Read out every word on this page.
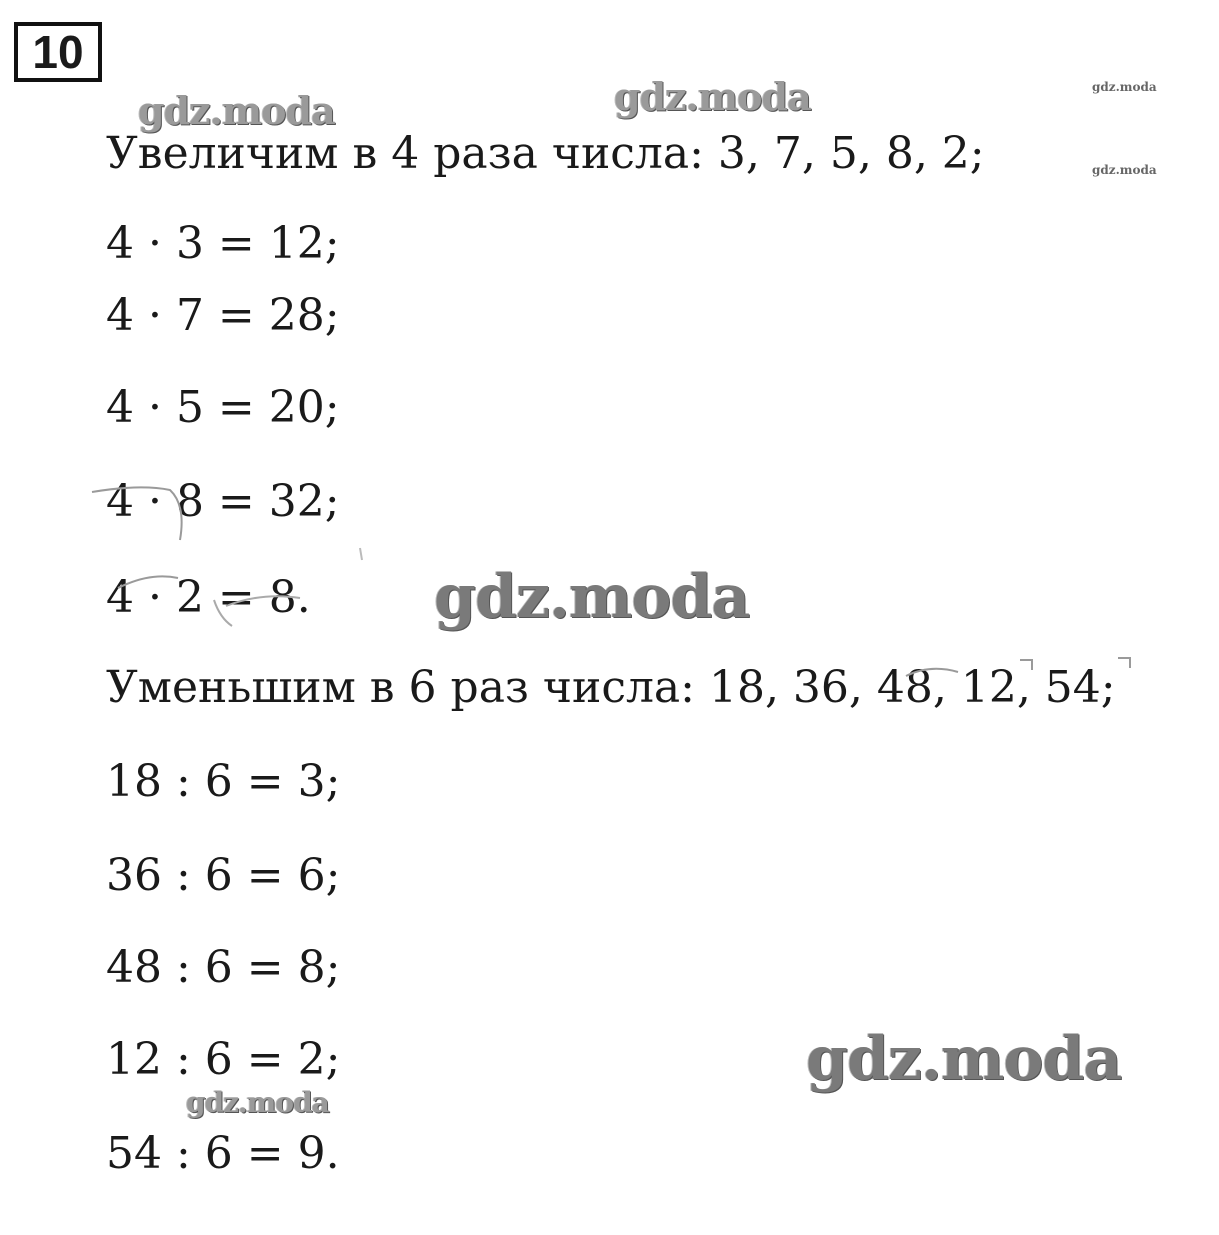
10
gdz.moda	gdz.moda	gdz.moda
gdz.moda
gdz.moda
gdz.moda
gdz.moda
Увеличим в 4 раза числа: 3, 7, 5, 8, 2;
4 · 3 = 12;
4 · 7 = 28;
4 · 5 = 20;
4 · 8 = 32;
4 · 2 = 8.
Уменьшим в 6 раз числа: 18, 36, 48, 12, 54;
18 : 6 = 3;
36 : 6 = 6;
48 : 6 = 8;
12 : 6 = 2;
54 : 6 = 9.
